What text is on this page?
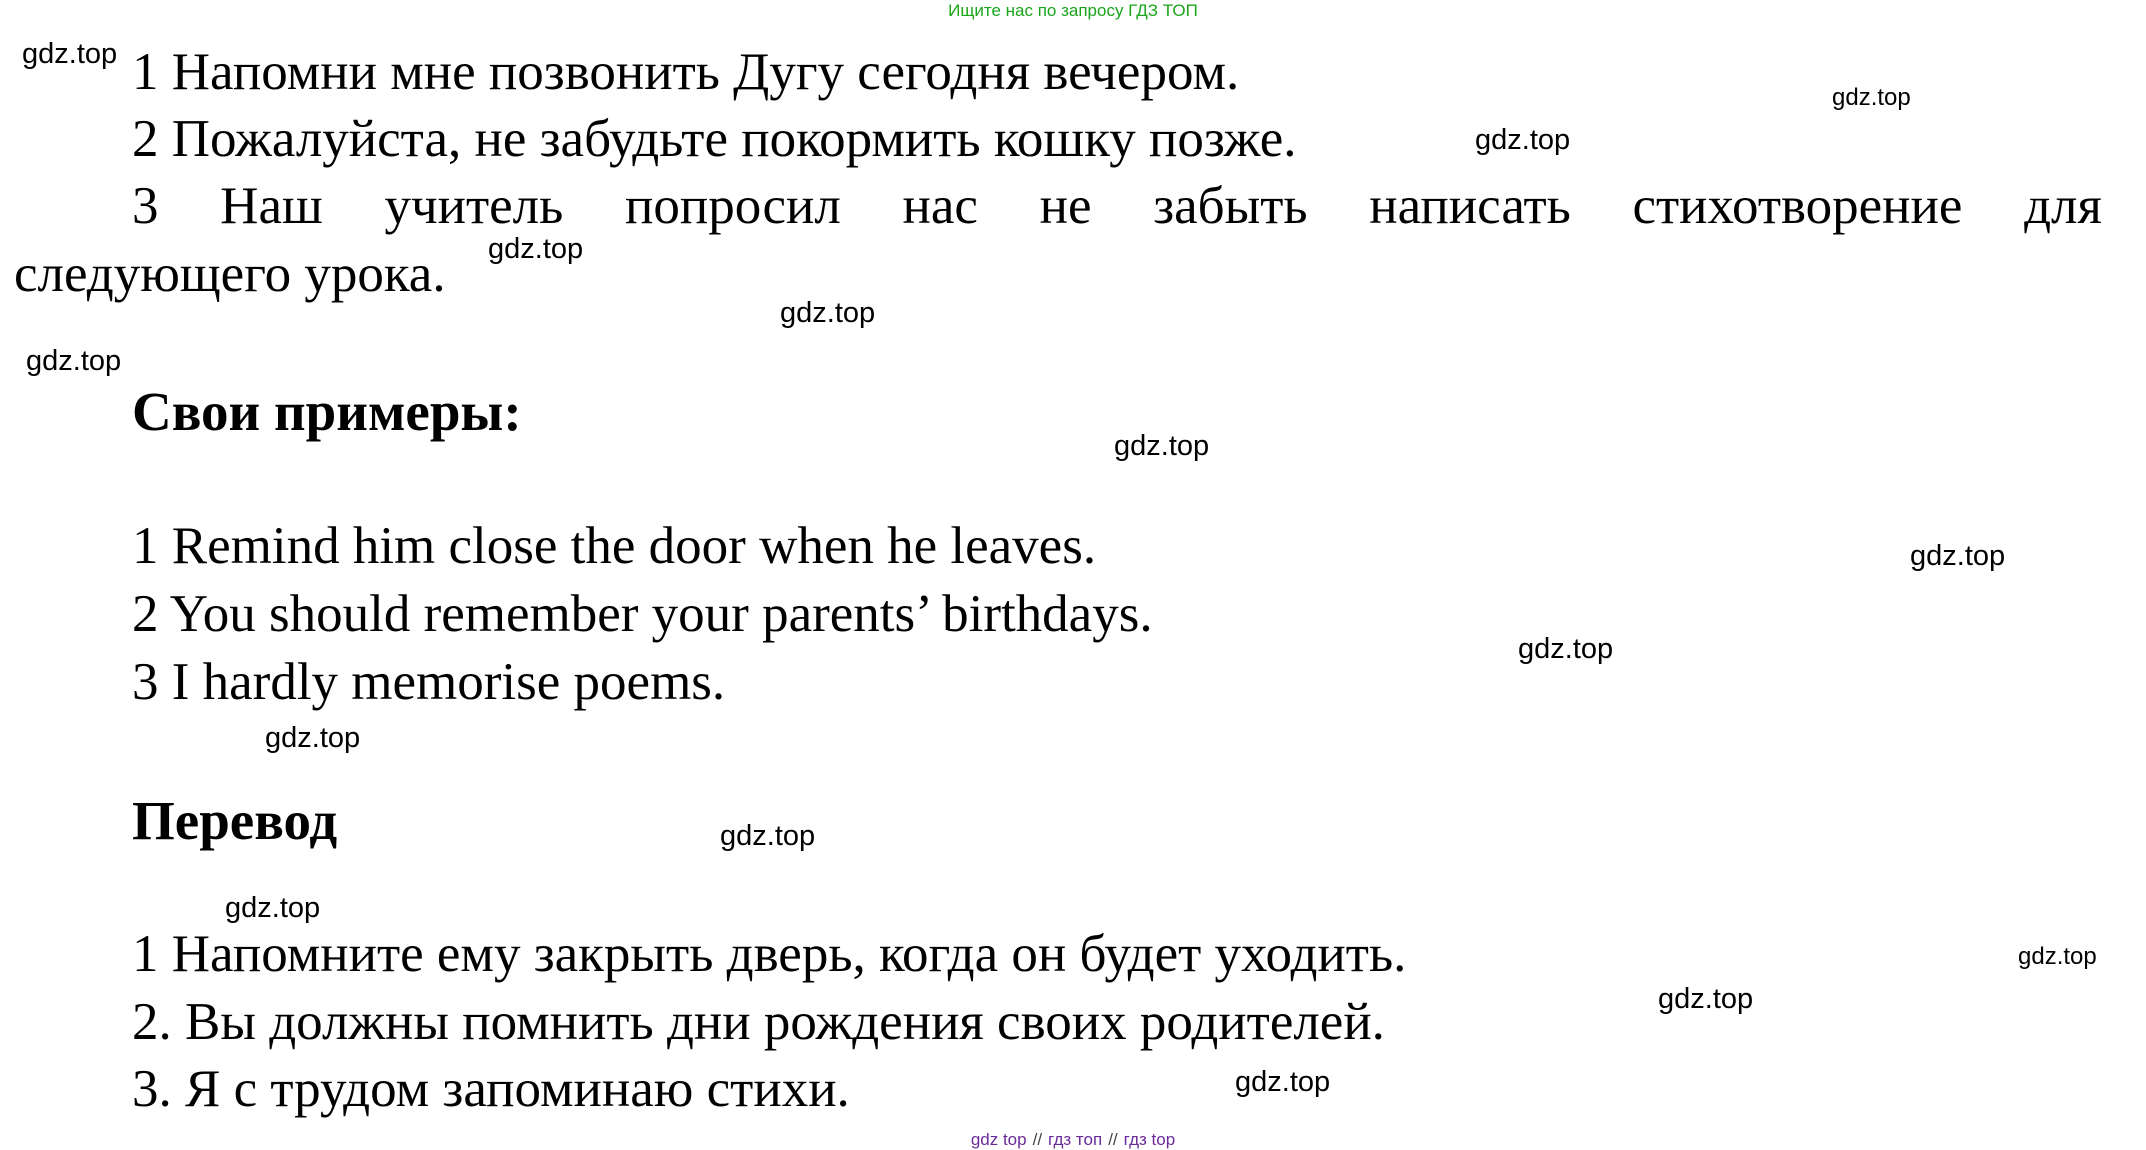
Ищите нас по запросу ГДЗ ТОП
1 Напомни мне позвонить Дугу сегодня вечером.
2 Пожалуйста, не забудьте покормить кошку позже.
3 Наш учитель попросил нас не забыть написать стихотворение для
следующего урока.
Свои примеры:
1 Remind him close the door when he leaves.
2 You should remember your parents’ birthdays.
3 I hardly memorise poems.
Перевод
1 Напомните ему закрыть дверь, когда он будет уходить.
2. Вы должны помнить дни рождения своих родителей.
3. Я с трудом запоминаю стихи.
gdz.top
gdz.top
gdz.top
gdz.top
gdz.top
gdz.top
gdz.top
gdz.top
gdz.top
gdz.top
gdz.top
gdz.top
gdz.top
gdz.top
gdz.top
gdz top // гдз топ // гдз top
